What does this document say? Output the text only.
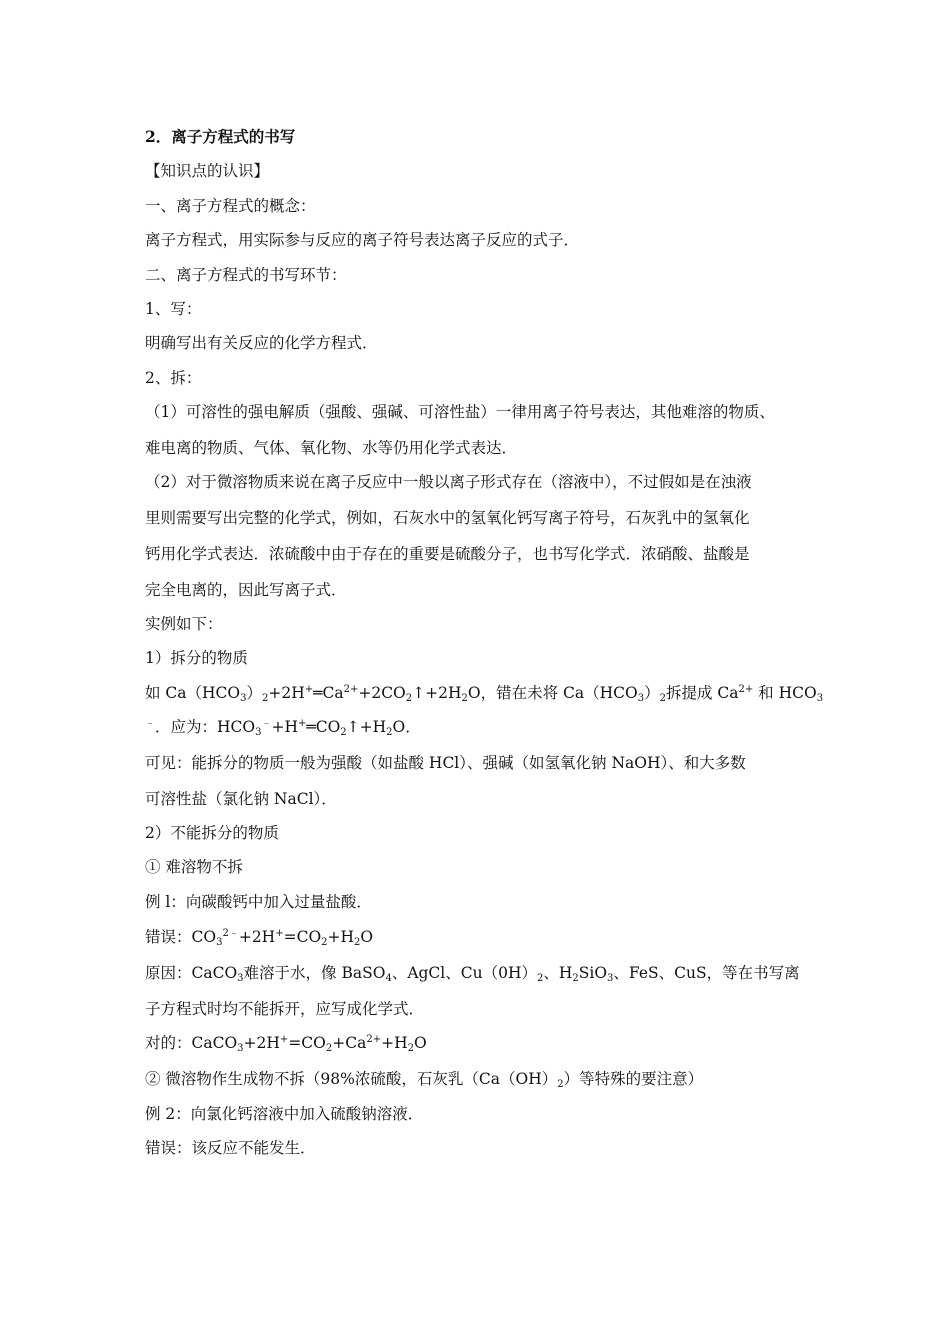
2．离子方程式的书写
【知识点的认识】
一、离子方程式的概念：
离子方程式，用实际参与反应的离子符号表达离子反应的式子．
二、离子方程式的书写环节：
1、写：
明确写出有关反应的化学方程式．
2、拆：
（1）可溶性的强电解质（强酸、强碱、可溶性盐）一律用离子符号表达，其他难溶的物质、
难电离的物质、气体、氧化物、水等仍用化学式表达．
（2）对于微溶物质来说在离子反应中一般以离子形式存在（溶液中），不过假如是在浊液
里则需要写出完整的化学式，例如，石灰水中的氢氧化钙写离子符号，石灰乳中的氢氧化
钙用化学式表达．浓硫酸中由于存在的重要是硫酸分子，也书写化学式．浓硝酸、盐酸是
完全电离的，因此写离子式．
实例如下：
1）拆分的物质
如 $Ca(HCO_3)_2+2H^+═Ca^{2+}+2CO_2↑+2H_2O$，错在未将 $Ca(HCO_3)_2$拆提成 $Ca^{2+}$ 和 $HCO_3$
﹣．应为：$HCO_3^﹣+H^+═CO_2↑+H_2O$．
可见：能拆分的物质一般为强酸（如盐酸 HCl）、强碱（如氢氧化钠 NaOH）、和大多数
可溶性盐（氯化钠 NaCl）．
2）不能拆分的物质
① 难溶物不拆
例 l：向碳酸钙中加入过量盐酸．
错误：$CO_3^{2﹣}+2H^+=CO_2+H_2O$
原因：CaCO$_3$难溶于水，像 BaSO$_4$、AgCl、$Cu(0H)_2$、$H_2SiO_3$、FeS、CuS，等在书写离
子方程式时均不能拆开，应写成化学式．
对的：$CaCO_3+2H^+=CO_2+Ca^{2+}+H_2O$
② 微溶物作生成物不拆（98%浓硫酸，石灰乳$(Ca(OH)_2)$等特殊的要注意）
例 2：向氯化钙溶液中加入硫酸钠溶液．
错误：该反应不能发生．
